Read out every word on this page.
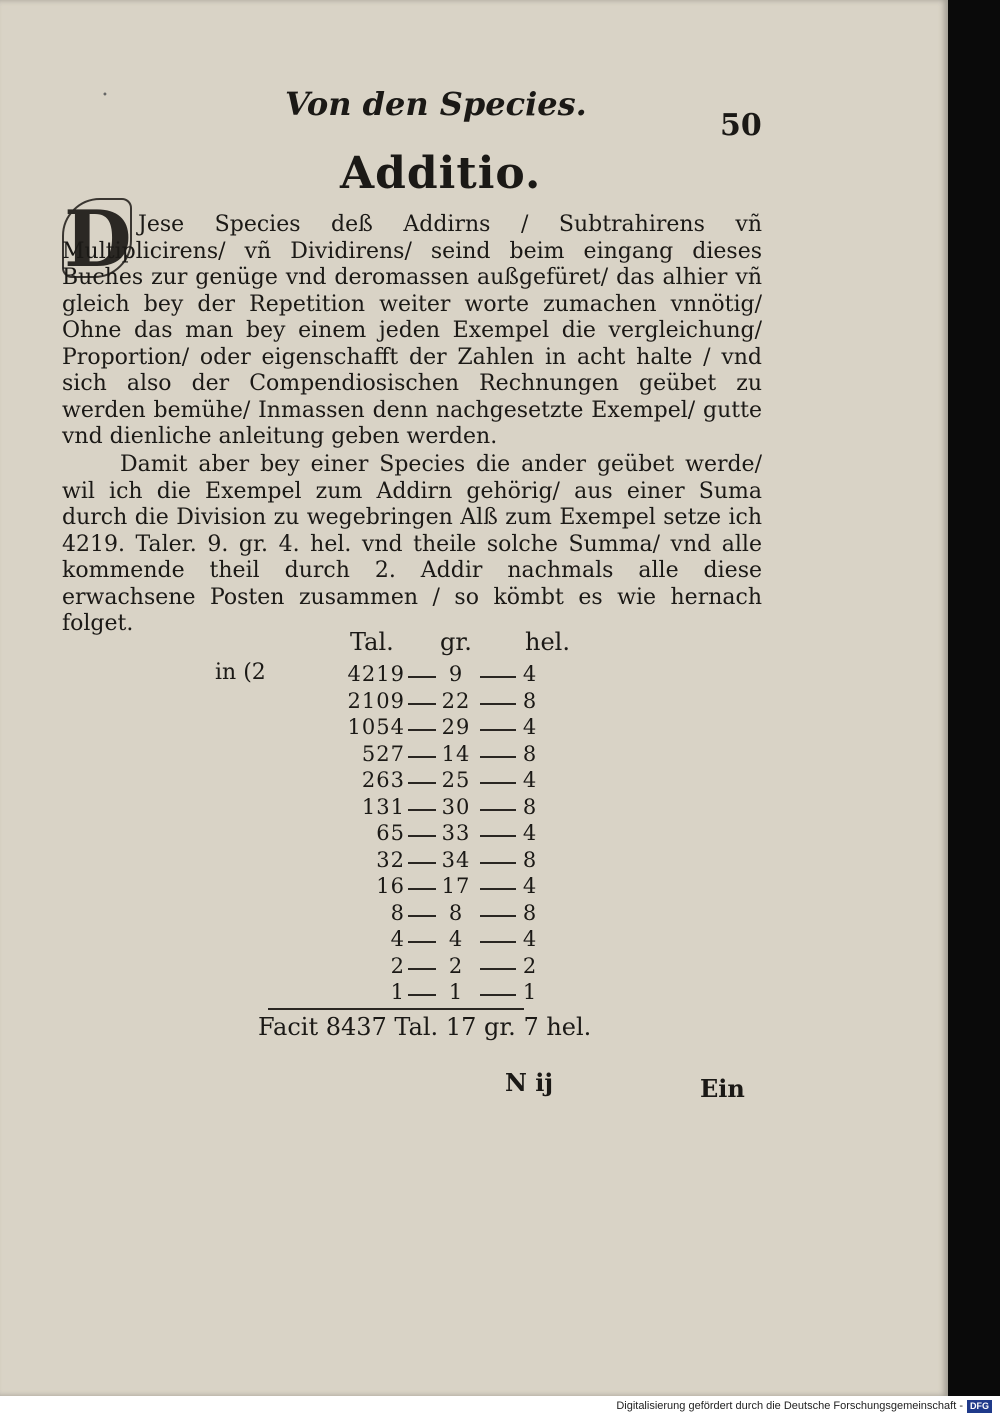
•	Von den Species.
50
Additio.
D Jese Species deß Addirns / Subtrahirens vñ Multiplicirens/ vñ Dividirens/ seind beim eingang dieses Buches zur genüge vnd deromassen außgefüret/ das alhier vñ gleich bey der Repetition weiter worte zumachen vnnötig/ Ohne das man bey einem jeden Exempel die vergleichung/ Proportion/ oder eigenschafft der Zahlen in acht halte / vnd sich also der Compendiosischen Rechnungen geübet zu werden bemühe/ Inmassen denn nachgesetzte Exempel/ gutte vnd dienliche anleitung geben werden.
Damit aber bey einer Species die ander geübet werde/ wil ich die Exempel zum Addirn gehörig/ aus einer Suma durch die Division zu wegebringen Alß zum Exempel setze ich 4219. Taler. 9. gr. 4. hel. vnd theile solche Summa/ vnd alle kommende theil durch 2. Addir nachmals alle diese erwachsene Posten zusammen / so kömbt es wie hernach folget.
Tal. gr. hel.
in (2	4219	9	4
2109 22 8
1054 29 4
527 14 8
263 25 4
131 30 8
65 33 4
32 34 8
16 17 4
8	8	8
4	4	4
2	2	2
1	1	1
Facit 8437 Tal. 17 gr. 7 hel.
N ij	Ein
Digitalisierung gefördert durch die Deutsche Forschungsgemeinschaft - DFG
